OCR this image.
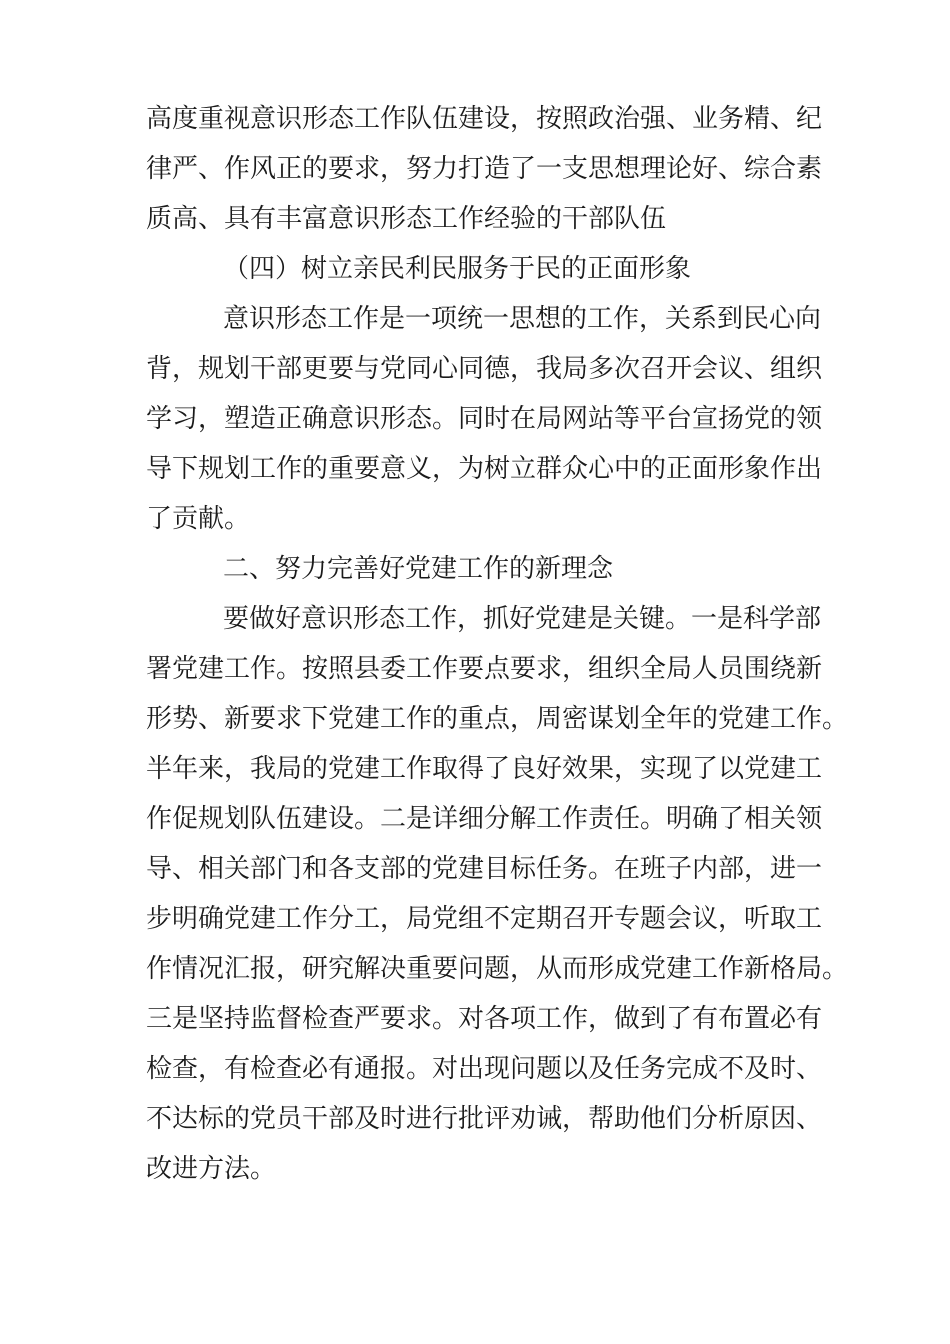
高度重视意识形态工作队伍建设，按照政治强、业务精、纪
律严、作风正的要求，努力打造了一支思想理论好、综合素
质高、具有丰富意识形态工作经验的干部队伍
（四）树立亲民利民服务于民的正面形象
意识形态工作是一项统一思想的工作，关系到民心向
背，规划干部更要与党同心同德，我局多次召开会议、组织
学习，塑造正确意识形态。同时在局网站等平台宣扬党的领
导下规划工作的重要意义，为树立群众心中的正面形象作出
了贡献。
二、努力完善好党建工作的新理念
要做好意识形态工作，抓好党建是关键。一是科学部
署党建工作。按照县委工作要点要求，组织全局人员围绕新
形势、新要求下党建工作的重点，周密谋划全年的党建工作。
半年来，我局的党建工作取得了良好效果，实现了以党建工
作促规划队伍建设。二是详细分解工作责任。明确了相关领
导、相关部门和各支部的党建目标任务。在班子内部，进一
步明确党建工作分工，局党组不定期召开专题会议，听取工
作情况汇报，研究解决重要问题，从而形成党建工作新格局。
三是坚持监督检查严要求。对各项工作，做到了有布置必有
检查，有检查必有通报。对出现问题以及任务完成不及时、
不达标的党员干部及时进行批评劝诫，帮助他们分析原因、
改进方法。
